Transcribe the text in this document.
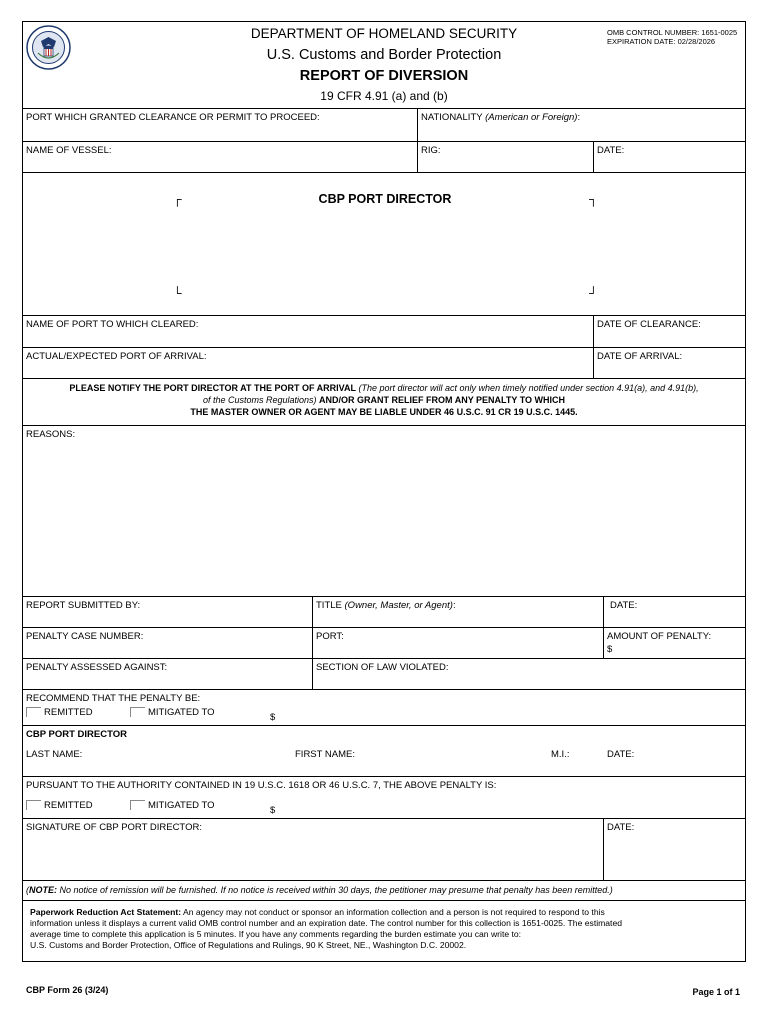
DEPARTMENT OF HOMELAND SECURITY
U.S. Customs and Border Protection
REPORT OF DIVERSION
19 CFR 4.91 (a) and (b)
OMB CONTROL NUMBER: 1651-0025
EXPIRATION DATE: 02/28/2026
PORT WHICH GRANTED CLEARANCE OR PERMIT TO PROCEED:	NATIONALITY (American or Foreign):
NAME OF VESSEL:	RIG:	DATE:
┌	┐
└	┘
CBP PORT DIRECTOR
NAME OF PORT TO WHICH CLEARED:	DATE OF CLEARANCE:
ACTUAL/EXPECTED PORT OF ARRIVAL:	DATE OF ARRIVAL:
PLEASE NOTIFY THE PORT DIRECTOR AT THE PORT OF ARRIVAL (The port director will act only when timely notified under section 4.91(a), and 4.91(b),
of the Customs Regulations) AND/OR GRANT RELIEF FROM ANY PENALTY TO WHICH
THE MASTER OWNER OR AGENT MAY BE LIABLE UNDER 46 U.S.C. 91 CR 19 U.S.C. 1445.
REASONS:
REPORT SUBMITTED BY:	TITLE (Owner, Master, or Agent):	DATE:
PENALTY CASE NUMBER:	PORT:	AMOUNT OF PENALTY:
$
PENALTY ASSESSED AGAINST:	SECTION OF LAW VIOLATED:
RECOMMEND THAT THE PENALTY BE:
REMITTED	MITIGATED TO	$
CBP PORT DIRECTOR
LAST NAME:	FIRST NAME:	M.I.:	DATE:
PURSUANT TO THE AUTHORITY CONTAINED IN 19 U.S.C. 1618 OR 46 U.S.C. 7, THE ABOVE PENALTY IS:
REMITTED	MITIGATED TO	$
SIGNATURE OF CBP PORT DIRECTOR:	DATE:
(NOTE: No notice of remission will be furnished. If no notice is received within 30 days, the petitioner may presume that penalty has been remitted.)
Paperwork Reduction Act Statement: An agency may not conduct or sponsor an information collection and a person is not required to respond to this
information unless it displays a current valid OMB control number and an expiration date. The control number for this collection is 1651-0025. The estimated
average time to complete this application is 5 minutes. If you have any comments regarding the burden estimate you can write to:
U.S. Customs and Border Protection, Office of Regulations and Rulings, 90 K Street, NE., Washington D.C. 20002.
CBP Form 26 (3/24)	Page 1 of 1
